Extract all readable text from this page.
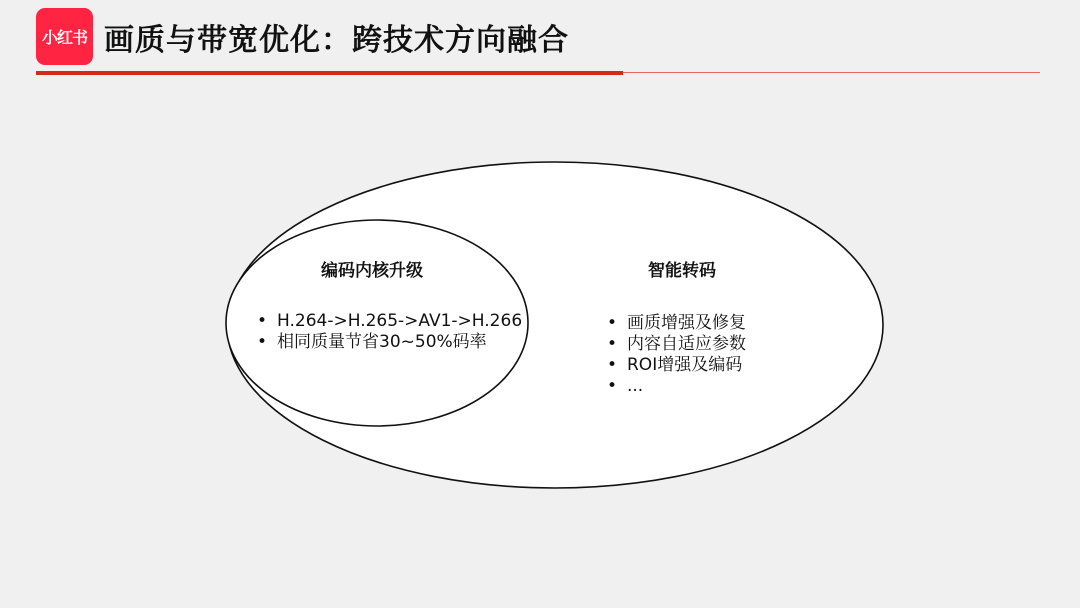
小红书 画质与带宽优化：跨技术方向融合
编码内核升级
• H.264->H.265->AV1->H.266
• 相同质量节省30~50%码率
智能转码
• 画质增强及修复
• 内容自适应参数
• ROI增强及编码
• ...
